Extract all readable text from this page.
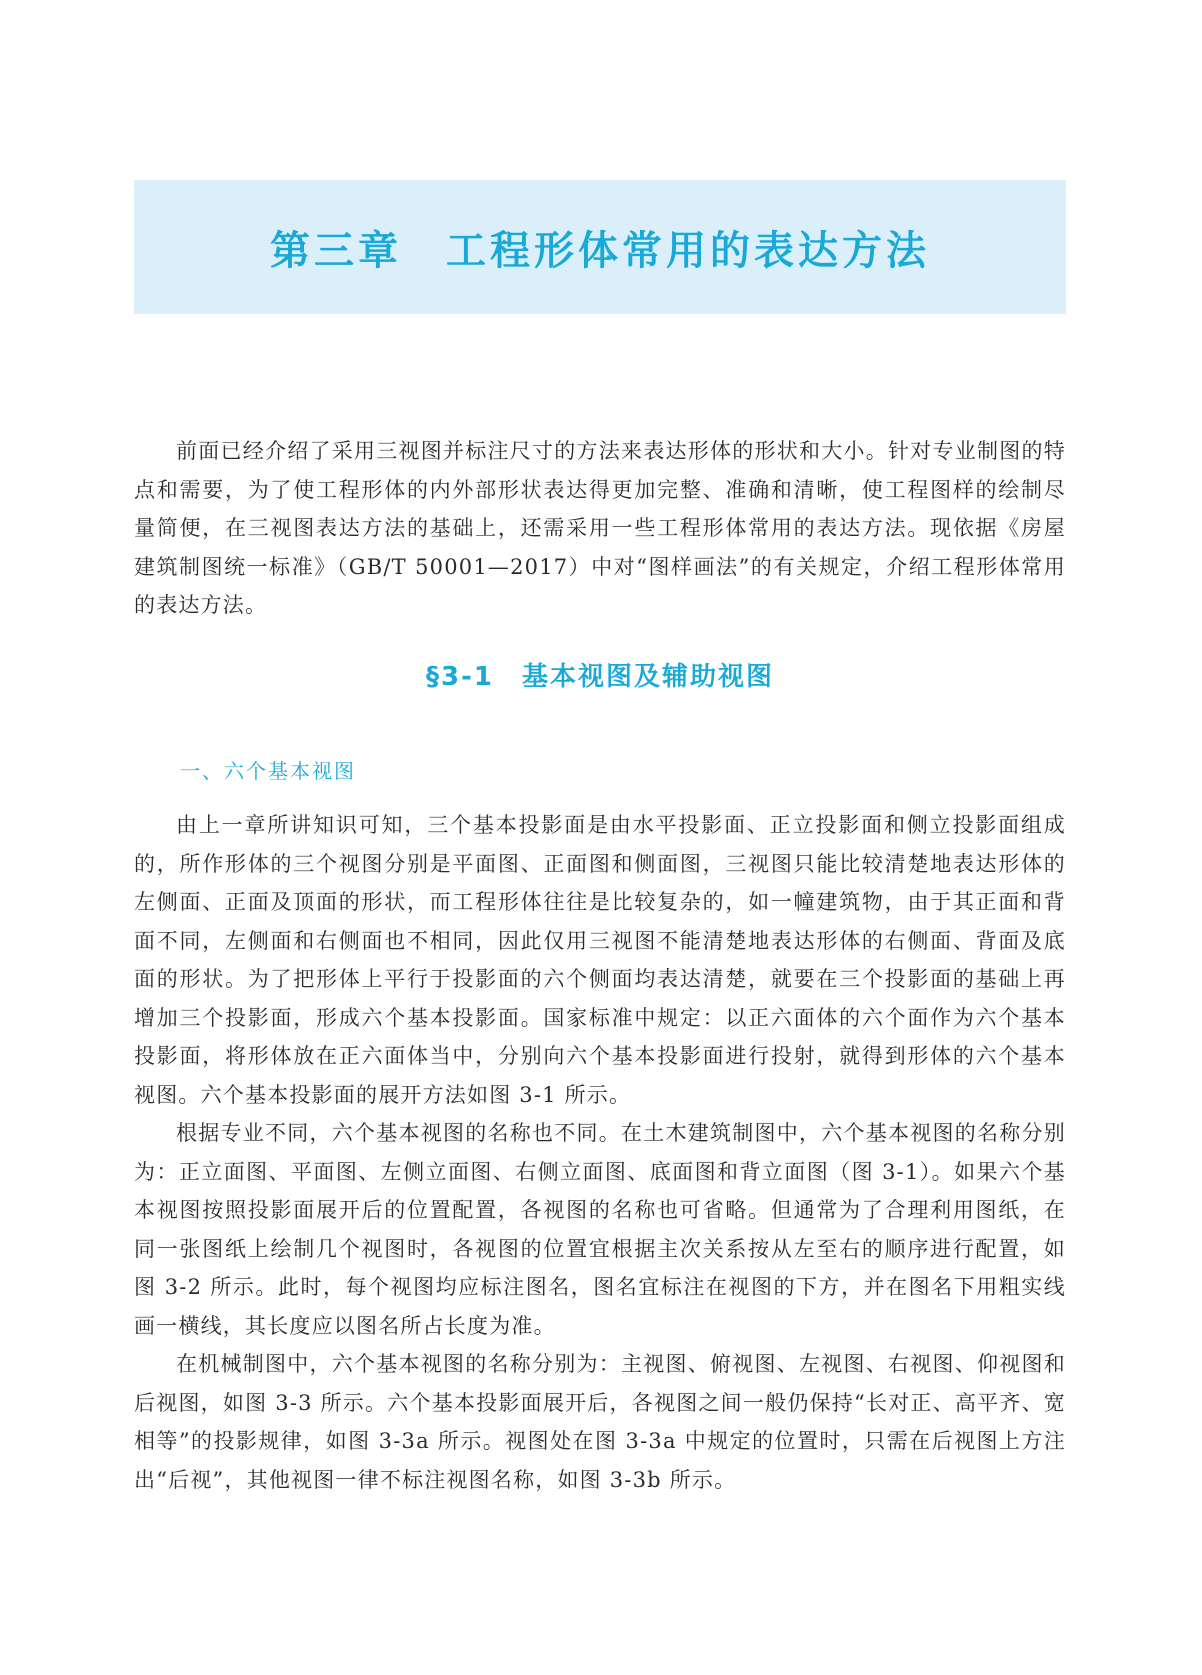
第三章　工程形体常用的表达方法

前面已经介绍了采用三视图并标注尺寸的方法来表达形体的形状和大小。针对专业制图的特点和需要，为了使工程形体的内外部形状表达得更加完整、准确和清晰，使工程图样的绘制尽量简便，在三视图表达方法的基础上，还需采用一些工程形体常用的表达方法。现依据《房屋建筑制图统一标准》（GB/T 50001—2017）中对“图样画法”的有关规定，介绍工程形体常用的表达方法。

§3-1　基本视图及辅助视图
一、六个基本视图

由上一章所讲知识可知，三个基本投影面是由水平投影面、正立投影面和侧立投影面组成的，所作形体的三个视图分别是平面图、正面图和侧面图，三视图只能比较清楚地表达形体的左侧面、正面及顶面的形状，而工程形体往往是比较复杂的，如一幢建筑物，由于其正面和背面不同，左侧面和右侧面也不相同，因此仅用三视图不能清楚地表达形体的右侧面、背面及底面的形状。为了把形体上平行于投影面的六个侧面均表达清楚，就要在三个投影面的基础上再增加三个投影面，形成六个基本投影面。国家标准中规定：以正六面体的六个面作为六个基本投影面，将形体放在正六面体当中，分别向六个基本投影面进行投射，就得到形体的六个基本视图。六个基本投影面的展开方法如图 3-1 所示。

根据专业不同，六个基本视图的名称也不同。在土木建筑制图中，六个基本视图的名称分别为：正立面图、平面图、左侧立面图、右侧立面图、底面图和背立面图（图 3-1）。如果六个基本视图按照投影面展开后的位置配置，各视图的名称也可省略。但通常为了合理利用图纸，在同一张图纸上绘制几个视图时，各视图的位置宜根据主次关系按从左至右的顺序进行配置，如图 3-2 所示。此时，每个视图均应标注图名，图名宜标注在视图的下方，并在图名下用粗实线画一横线，其长度应以图名所占长度为准。

在机械制图中，六个基本视图的名称分别为：主视图、俯视图、左视图、右视图、仰视图和后视图，如图 3-3 所示。六个基本投影面展开后，各视图之间一般仍保持“长对正、高平齐、宽相等”的投影规律，如图 3-3a 所示。视图处在图 3-3a 中规定的位置时，只需在后视图上方注出“后视”，其他视图一律不标注视图名称，如图 3-3b 所示。
